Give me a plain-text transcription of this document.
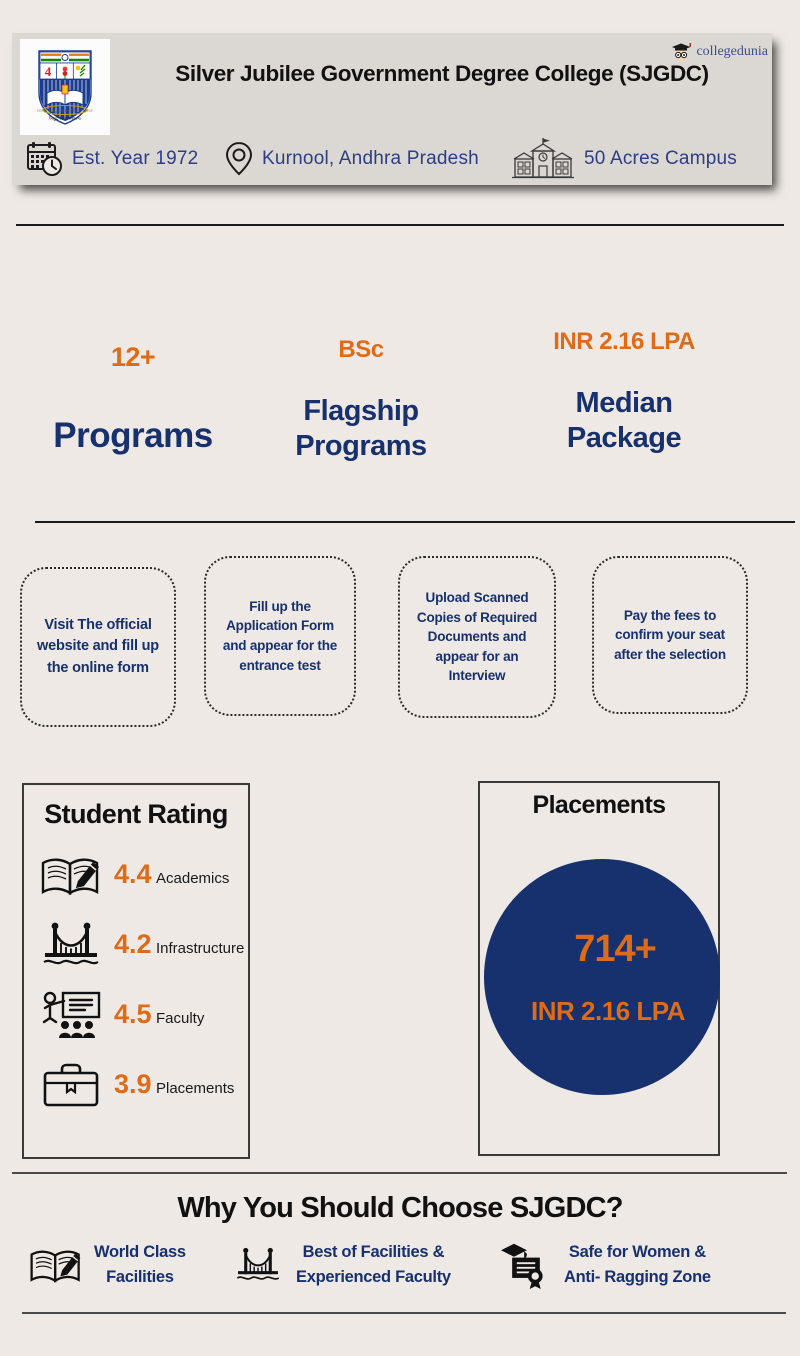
4
SILVER JUBILEE GOVT. DEG. COLLEGE
సిల్వర్ జూబ్లీ కళాశాల
collegedunia
Silver Jubilee Government Degree College (SJGDC)
Est. Year 1972	Kurnool, Andhra Pradesh	50 Acres Campus
12+
Programs
BSc
Flagship
Programs
INR 2.16 LPA
Median
Package
Visit The official website and fill up the online form
Fill up the Application Form and appear for the entrance test
Upload Scanned Copies of Required Documents and appear for an Interview
Pay the fees to confirm your seat after the selection
Student Rating
4.4 Academics
4.2 Infrastructure
4.5 Faculty
3.9 Placements
Placements
714+
INR 2.16 LPA
Why You Should Choose SJGDC?
World Class
Facilities
Best of Facilities &
Experienced Faculty
Safe for Women &
Anti- Ragging Zone
